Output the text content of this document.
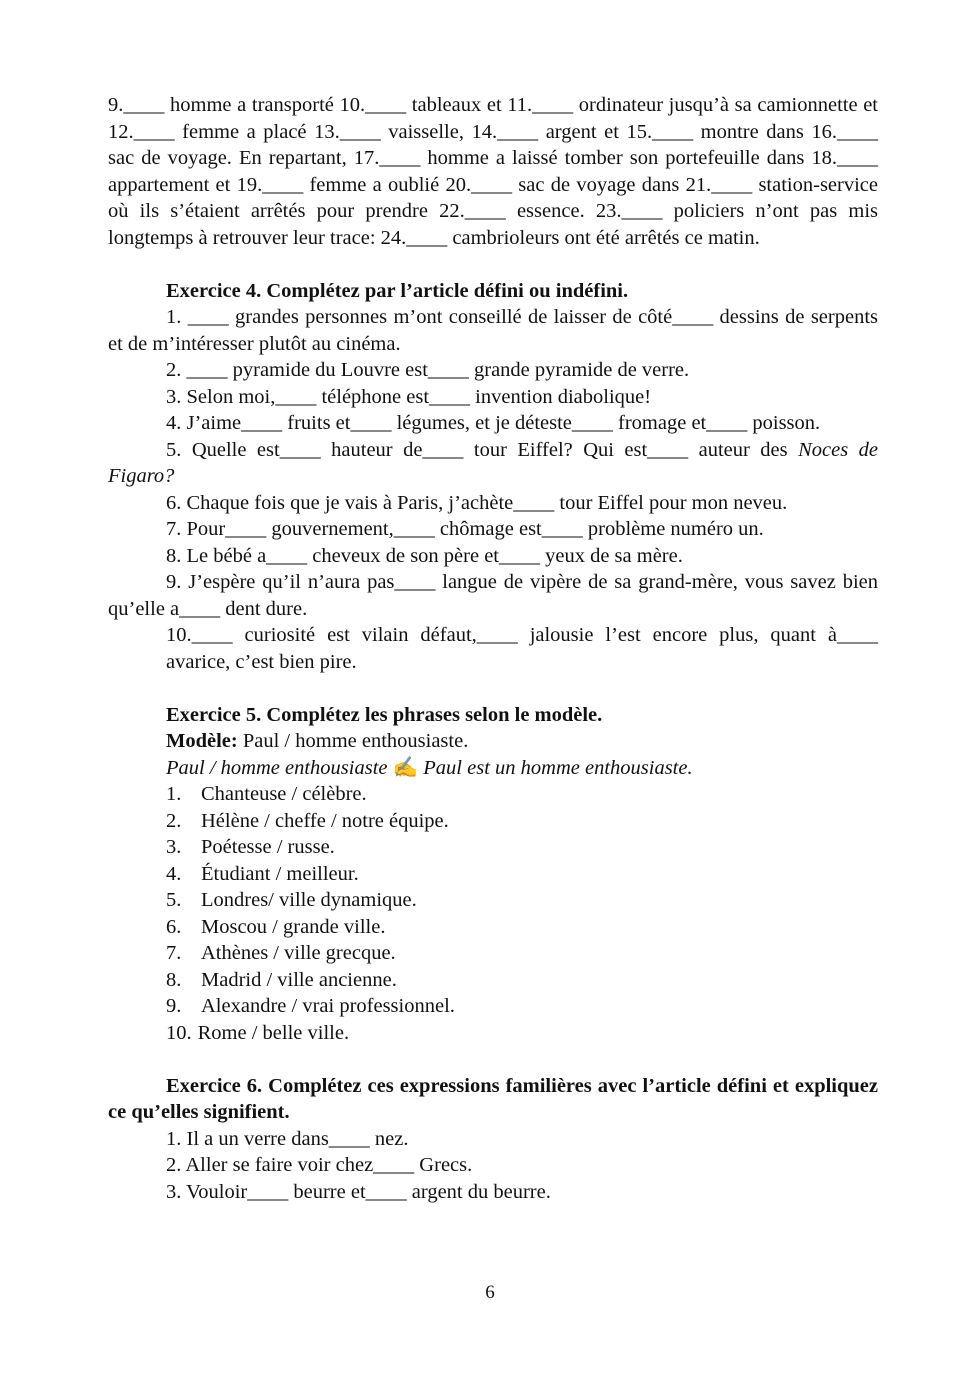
9.____ homme a transporté 10.____ tableaux et 11.____ ordinateur jusqu’à sa camionnette et 12.____ femme a placé 13.____ vaisselle, 14.____ argent et 15.____ montre dans 16.____ sac de voyage. En repartant, 17.____ homme a laissé tomber son portefeuille dans 18.____ appartement et 19.____ femme a oublié 20.____ sac de voyage dans 21.____ station-service où ils s’étaient arrêtés pour prendre 22.____ essence. 23.____ policiers n’ont pas mis longtemps à retrouver leur trace: 24.____ cambrioleurs ont été arrêtés ce matin.

Exercice 4. Complétez par l’article défini ou indéfini.

1. ____ grandes personnes m’ont conseillé de laisser de côté____ dessins de serpents et de m’intéresser plutôt au cinéma.

2. ____ pyramide du Louvre est____ grande pyramide de verre.

3. Selon moi,____ téléphone est____ invention diabolique!

4. J’aime____ fruits et____ légumes, et je déteste____ fromage et____ poisson.

5. Quelle est____ hauteur de____ tour Eiffel? Qui est____ auteur des Noces de Figaro?

6. Chaque fois que je vais à Paris, j’achète____ tour Eiffel pour mon neveu.

7. Pour____ gouvernement,____ chômage est____ problème numéro un.

8. Le bébé a____ cheveux de son père et____ yeux de sa mère.

9. J’espère qu’il n’aura pas____ langue de vipère de sa grand-mère, vous savez bien qu’elle a____ dent dure.

10.____ curiosité est vilain défaut,____ jalousie l’est encore plus, quant à____
avarice, c’est bien pire.

Exercice 5. Complétez les phrases selon le modèle.

Modèle: Paul / homme enthousiaste.

Paul / homme enthousiaste ✍ Paul est un homme enthousiaste.

1. Chanteuse / célèbre.

2. Hélène / cheffe / notre équipe.

3. Poétesse / russe.

4. Étudiant / meilleur.

5. Londres/ ville dynamique.

6. Moscou / grande ville.

7. Athènes / ville grecque.

8. Madrid / ville ancienne.

9. Alexandre / vrai professionnel.

10. Rome / belle ville.

Exercice 6. Complétez ces expressions familières avec l’article défini et expliquez ce qu’elles signifient.

1. Il a un verre dans____ nez.

2. Aller se faire voir chez____ Grecs.

3. Vouloir____ beurre et____ argent du beurre.

6
